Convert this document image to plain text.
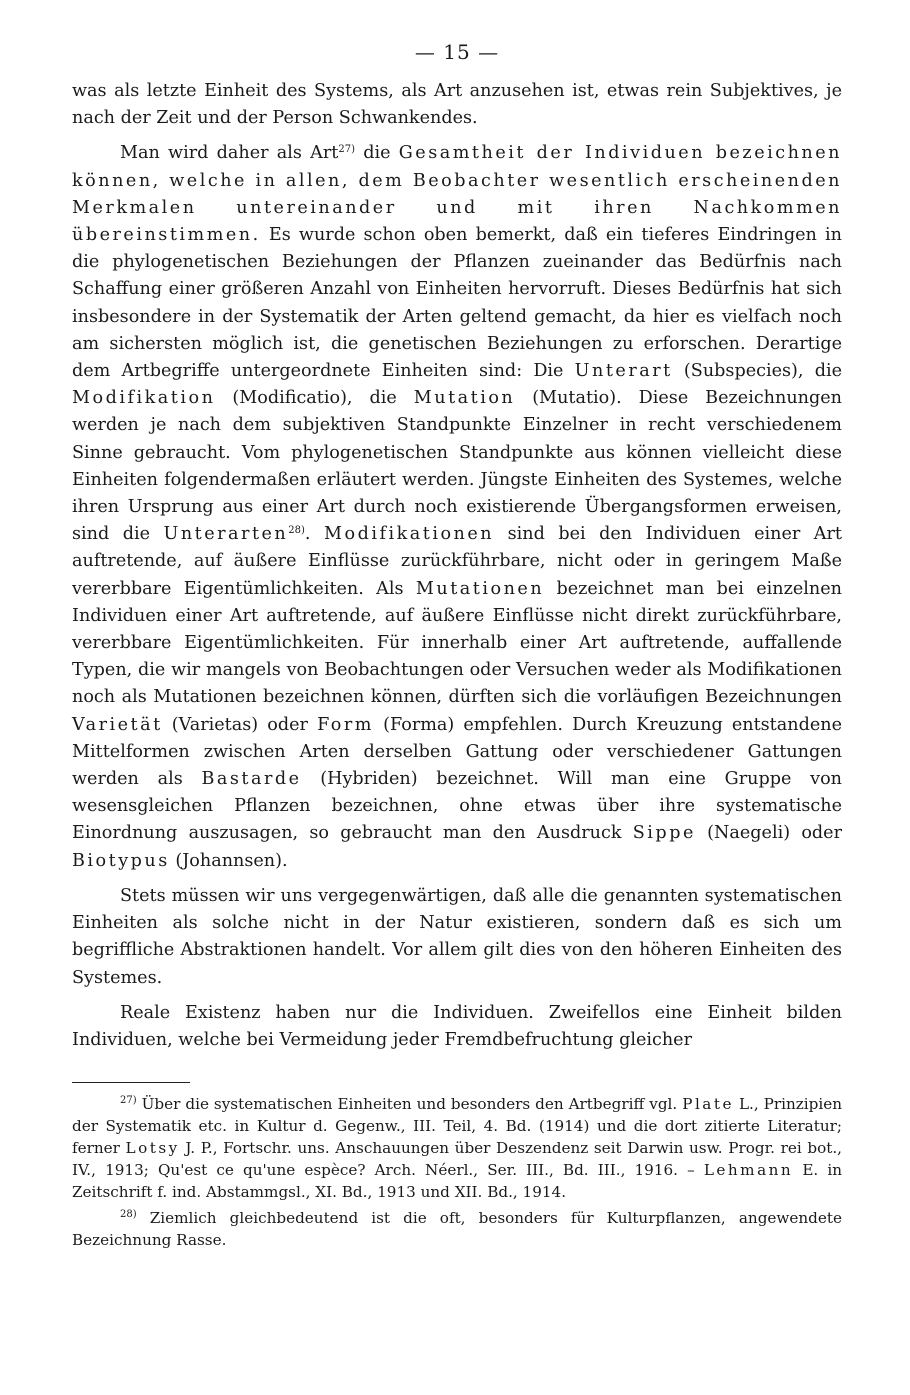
— 15 —

was als letzte Einheit des Systems, als Art anzusehen ist, etwas rein Subjektives, je nach der Zeit und der Person Schwankendes.

Man wird daher als Art$^{27)}$ die Gesamtheit der Individuen bezeichnen können, welche in allen, dem Beobachter wesentlich erscheinenden Merkmalen untereinander und mit ihren Nachkommen übereinstimmen. Es wurde schon oben bemerkt, daß ein tieferes Eindringen in die phylogenetischen Beziehungen der Pflanzen zueinander das Bedürfnis nach Schaffung einer größeren Anzahl von Einheiten hervorruft. Dieses Bedürfnis hat sich insbesondere in der Systematik der Arten geltend gemacht, da hier es vielfach noch am sichersten möglich ist, die genetischen Beziehungen zu erforschen. Derartige dem Artbegriffe untergeordnete Einheiten sind: Die Unterart (Subspecies), die Modifikation (Modificatio), die Mutation (Mutatio). Diese Bezeichnungen werden je nach dem subjektiven Standpunkte Einzelner in recht verschiedenem Sinne gebraucht. Vom phylogenetischen Standpunkte aus können vielleicht diese Einheiten folgendermaßen erläutert werden. Jüngste Einheiten des Systemes, welche ihren Ursprung aus einer Art durch noch existierende Übergangsformen erweisen, sind die Unterarten$^{28)}$. Modifikationen sind bei den Individuen einer Art auftretende, auf äußere Einflüsse zurückführbare, nicht oder in geringem Maße vererbbare Eigentümlichkeiten. Als Mutationen bezeichnet man bei einzelnen Individuen einer Art auftretende, auf äußere Einflüsse nicht direkt zurückführbare, vererbbare Eigentümlichkeiten. Für innerhalb einer Art auftretende, auffallende Typen, die wir mangels von Beobachtungen oder Versuchen weder als Modifikationen noch als Mutationen bezeichnen können, dürften sich die vorläufigen Bezeichnungen Varietät (Varietas) oder Form (Forma) empfehlen. Durch Kreuzung entstandene Mittelformen zwischen Arten derselben Gattung oder verschiedener Gattungen werden als Bastarde (Hybriden) bezeichnet. Will man eine Gruppe von wesensgleichen Pflanzen bezeichnen, ohne etwas über ihre systematische Einordnung auszusagen, so gebraucht man den Ausdruck Sippe (Naegeli) oder Biotypus (Johannsen).

Stets müssen wir uns vergegenwärtigen, daß alle die genannten systematischen Einheiten als solche nicht in der Natur existieren, sondern daß es sich um begriffliche Abstraktionen handelt. Vor allem gilt dies von den höheren Einheiten des Systemes.

Reale Existenz haben nur die Individuen. Zweifellos eine Einheit bilden Individuen, welche bei Vermeidung jeder Fremdbefruchtung gleicher

$^{27)}$ Über die systematischen Einheiten und besonders den Artbegriff vgl. Plate L., Prinzipien der Systematik etc. in Kultur d. Gegenw., III. Teil, 4. Bd. (1914) und die dort zitierte Literatur; ferner Lotsy J. P., Fortschr. uns. Anschauungen über Deszendenz seit Darwin usw. Progr. rei bot., IV., 1913; Qu'est ce qu'une espèce? Arch. Néerl., Ser. III., Bd. III., 1916. – Lehmann E. in Zeitschrift f. ind. Abstammgsl., XI. Bd., 1913 und XII. Bd., 1914.

$^{28)}$ Ziemlich gleichbedeutend ist die oft, besonders für Kulturpflanzen, angewendete Bezeichnung Rasse.
